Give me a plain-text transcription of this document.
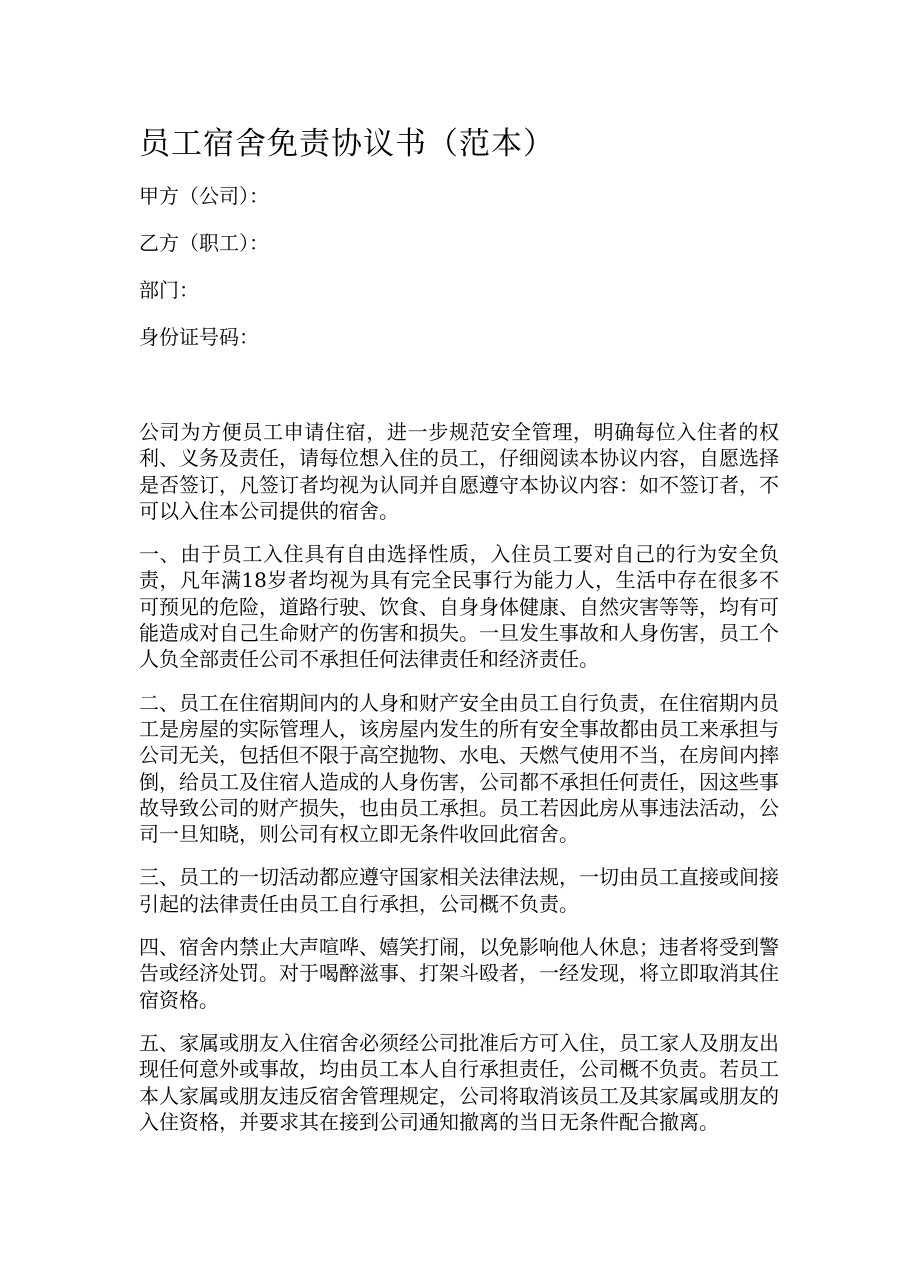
员工宿舍免责协议书（范本）
甲方（公司）：
乙方（职工）：
部门：
身份证号码：

公司为方便员工申请住宿，进一步规范安全管理，明确每位入住者的权利、义务及责任，请每位想入住的员工，仔细阅读本协议内容，自愿选择是否签订，凡签订者均视为认同并自愿遵守本协议内容：如不签订者，不可以入住本公司提供的宿舍。

一、由于员工入住具有自由选择性质，入住员工要对自己的行为安全负责，凡年满18岁者均视为具有完全民事行为能力人，生活中存在很多不可预见的危险，道路行驶、饮食、自身身体健康、自然灾害等等，均有可能造成对自己生命财产的伤害和损失。一旦发生事故和人身伤害，员工个人负全部责任公司不承担任何法律责任和经济责任。

二、员工在住宿期间内的人身和财产安全由员工自行负责，在住宿期内员工是房屋的实际管理人，该房屋内发生的所有安全事故都由员工来承担与公司无关，包括但不限于高空抛物、水电、天燃气使用不当，在房间内摔倒，给员工及住宿人造成的人身伤害，公司都不承担任何责任，因这些事故导致公司的财产损失，也由员工承担。员工若因此房从事违法活动，公司一旦知晓，则公司有权立即无条件收回此宿舍。

三、员工的一切活动都应遵守国家相关法律法规，一切由员工直接或间接引起的法律责任由员工自行承担，公司概不负责。

四、宿舍内禁止大声喧哗、嬉笑打闹，以免影响他人休息；违者将受到警告或经济处罚。对于喝醉滋事、打架斗殴者，一经发现，将立即取消其住宿资格。

五、家属或朋友入住宿舍必须经公司批准后方可入住，员工家人及朋友出现任何意外或事故，均由员工本人自行承担责任，公司概不负责。若员工本人家属或朋友违反宿舍管理规定，公司将取消该员工及其家属或朋友的入住资格，并要求其在接到公司通知撤离的当日无条件配合撤离。
